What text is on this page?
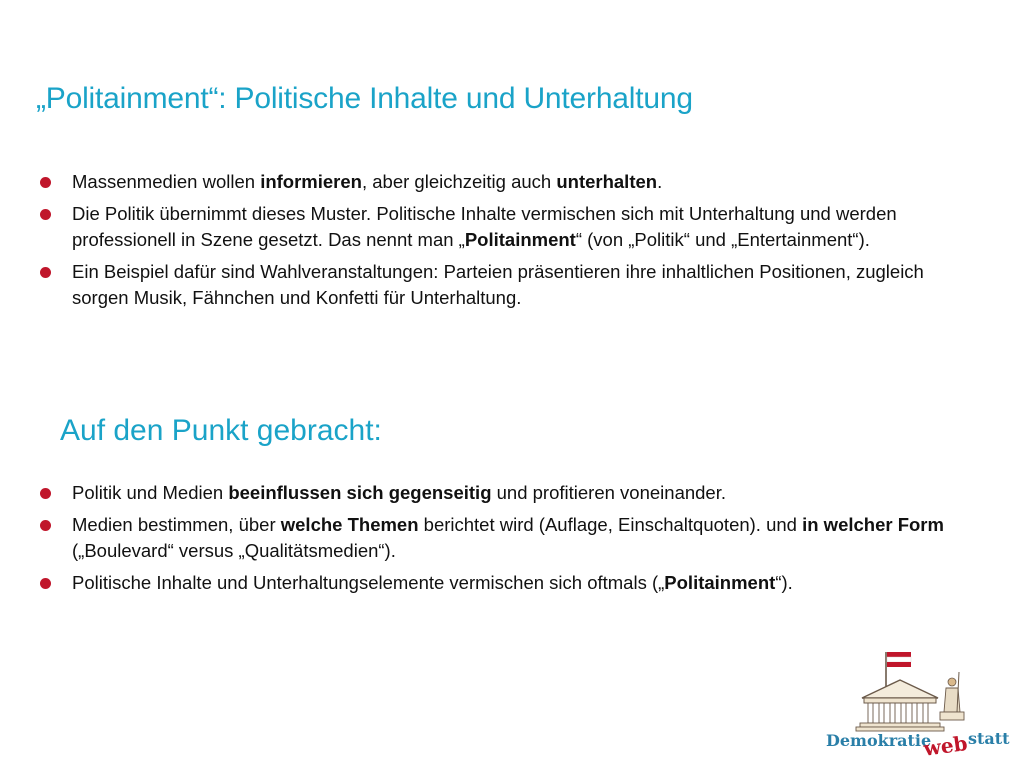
„Politainment“: Politische Inhalte und Unterhaltung
Massenmedien wollen informieren, aber gleichzeitig auch unterhalten.
Die Politik übernimmt dieses Muster. Politische Inhalte vermischen sich mit Unterhaltung und werden professionell in Szene gesetzt. Das nennt man „Politainment“ (von „Politik“ und „Entertainment“).
Ein Beispiel dafür sind Wahlveranstaltungen: Parteien präsentieren ihre inhaltlichen Positionen, zugleich sorgen Musik, Fähnchen und Konfetti für Unterhaltung.
Auf den Punkt gebracht:
Politik und Medien beeinflussen sich gegenseitig und profitieren voneinander.
Medien bestimmen, über welche Themen berichtet wird (Auflage, Einschaltquoten). und in welcher Form („Boulevard“ versus „Qualitätsmedien“).
Politische Inhalte und Unterhaltungselemente vermischen sich oftmals („Politainment“).
Demokratie
web statt
